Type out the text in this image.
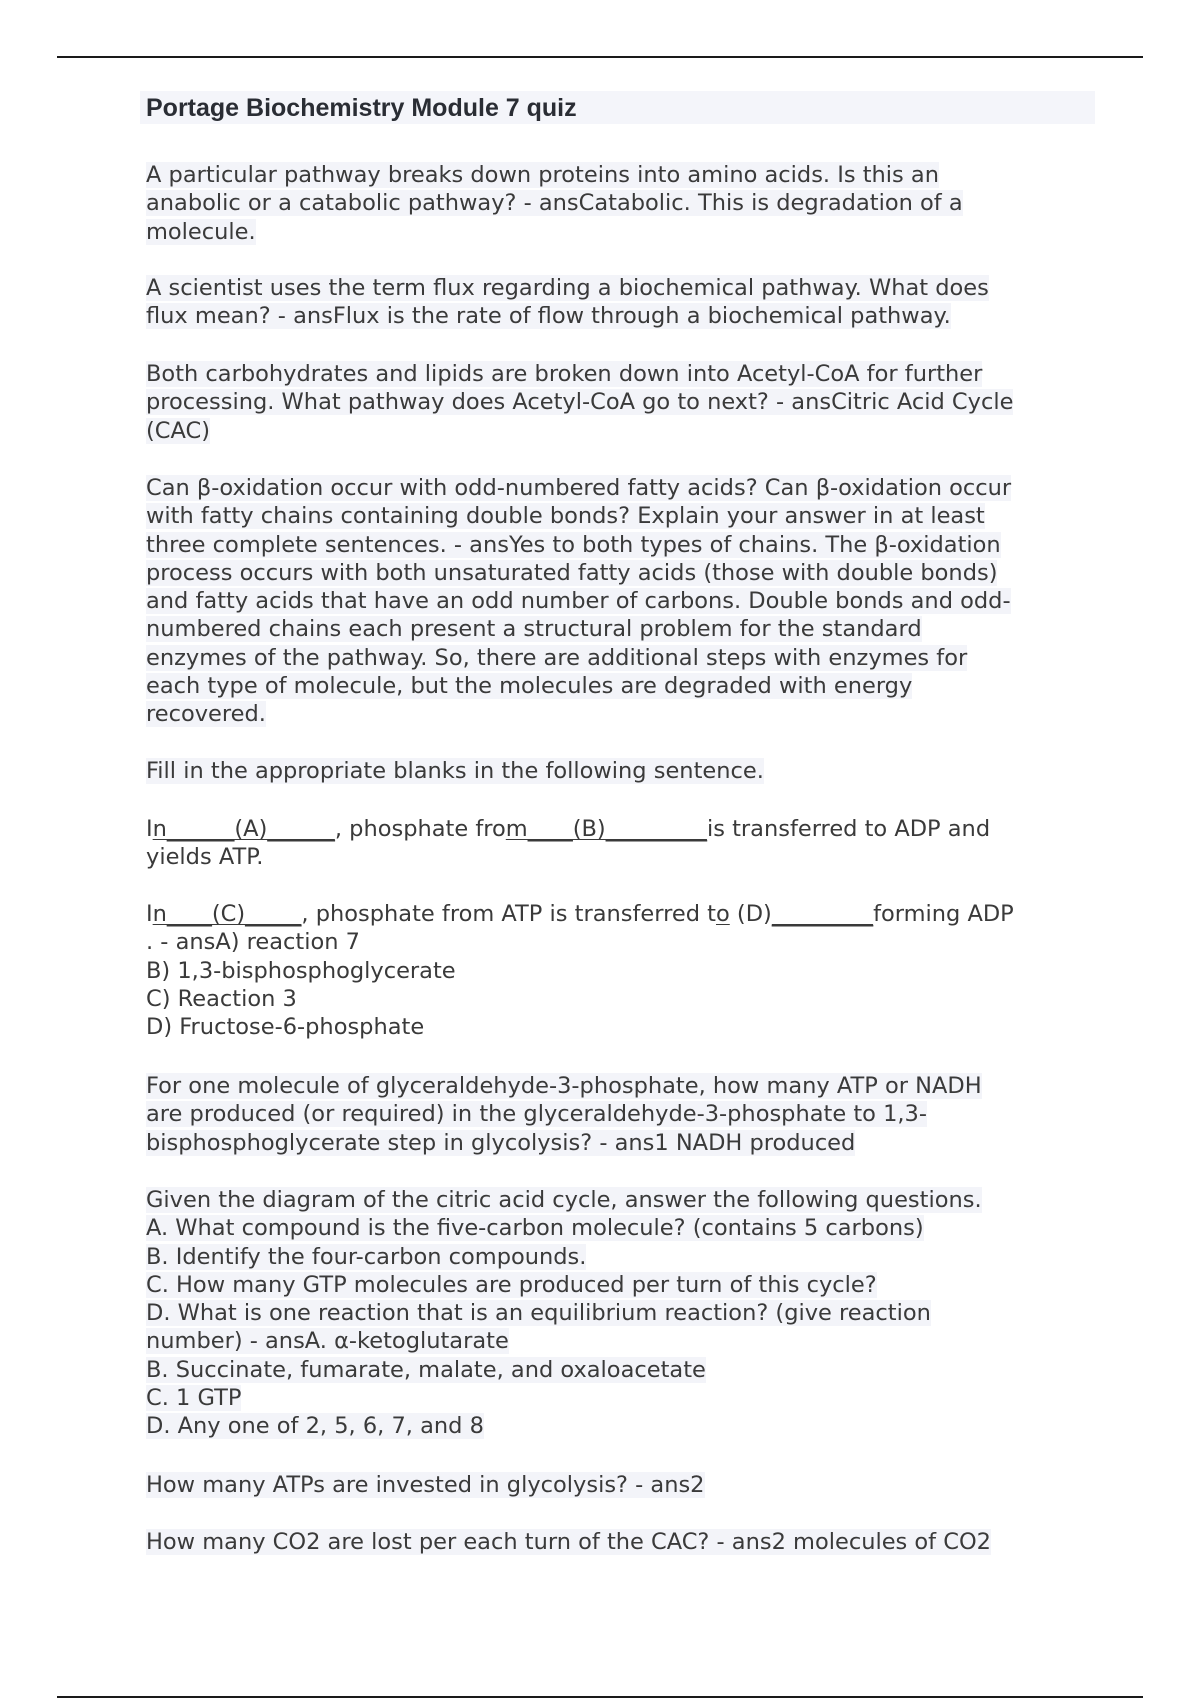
Portage Biochemistry Module 7 quiz
A particular pathway breaks down proteins into amino acids. Is this an
anabolic or a catabolic pathway? - ansCatabolic. This is degradation of a
molecule.
A scientist uses the term flux regarding a biochemical pathway. What does
flux mean? - ansFlux is the rate of flow through a biochemical pathway.
Both carbohydrates and lipids are broken down into Acetyl-CoA for further
processing. What pathway does Acetyl-CoA go to next? - ansCitric Acid Cycle
(CAC)
Can β-oxidation occur with odd-numbered fatty acids? Can β-oxidation occur
with fatty chains containing double bonds? Explain your answer in at least
three complete sentences. - ansYes to both types of chains. The β-oxidation
process occurs with both unsaturated fatty acids (those with double bonds)
and fatty acids that have an odd number of carbons. Double bonds and odd-
numbered chains each present a structural problem for the standard
enzymes of the pathway. So, there are additional steps with enzymes for
each type of molecule, but the molecules are degraded with energy
recovered.
Fill in the appropriate blanks in the following sentence.
In______(A)______, phosphate from____(B)_________is transferred to ADP and
yields ATP.
In____(C)_____, phosphate from ATP is transferred to (D)_________forming ADP
. - ansA) reaction 7
B) 1,3-bisphosphoglycerate
C) Reaction 3
D) Fructose-6-phosphate
For one molecule of glyceraldehyde-3-phosphate, how many ATP or NADH
are produced (or required) in the glyceraldehyde-3-phosphate to 1,3-
bisphosphoglycerate step in glycolysis? - ans1 NADH produced
Given the diagram of the citric acid cycle, answer the following questions.
A. What compound is the five-carbon molecule? (contains 5 carbons)
B. Identify the four-carbon compounds.
C. How many GTP molecules are produced per turn of this cycle?
D. What is one reaction that is an equilibrium reaction? (give reaction
number) - ansA. α-ketoglutarate
B. Succinate, fumarate, malate, and oxaloacetate
C. 1 GTP
D. Any one of 2, 5, 6, 7, and 8
How many ATPs are invested in glycolysis? - ans2
How many CO2 are lost per each turn of the CAC? - ans2 molecules of CO2
